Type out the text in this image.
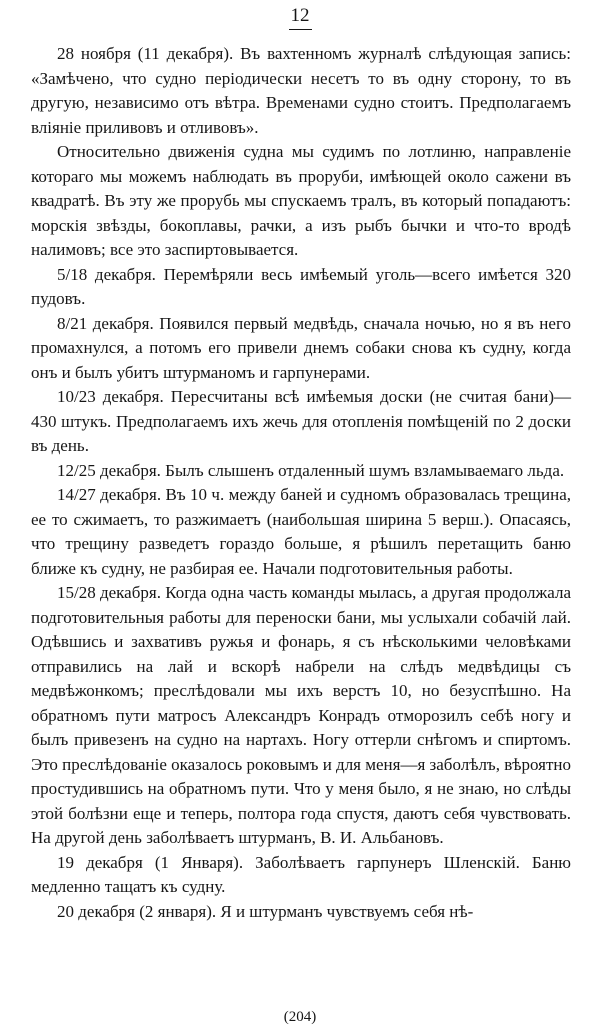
12

28 ноября (11 декабря). Въ вахтенномъ журналѣ слѣдующая запись: «Замѣчено, что судно періодически несетъ то въ одну сторону, то въ другую, независимо отъ вѣтра. Временами судно стоитъ. Предполагаемъ вліяніе приливовъ и отливовъ».

Относительно движенія судна мы судимъ по лотлиню, направленіе котораго мы можемъ наблюдать въ проруби, имѣющей около сажени въ квадратѣ. Въ эту же прорубь мы спускаемъ тралъ, въ который попадаютъ: морскія звѣзды, бокоплавы, рачки, а изъ рыбъ бычки и что-то вродѣ налимовъ; все это заспиртовывается.

5/18 декабря. Перемѣряли весь имѣемый уголь—всего имѣется 320 пудовъ.

8/21 декабря. Появился первый медвѣдь, сначала ночью, но я въ него промахнулся, а потомъ его привели днемъ собаки снова къ судну, когда онъ и былъ убитъ штурманомъ и гарпунерами.

10/23 декабря. Пересчитаны всѣ имѣемыя доски (не считая бани)—430 штукъ. Предполагаемъ ихъ жечь для отопленія помѣщеній по 2 доски въ день.

12/25 декабря. Былъ слышенъ отдаленный шумъ взламываемаго льда.

14/27 декабря. Въ 10 ч. между баней и судномъ образовалась трещина, ее то сжимаетъ, то разжимаетъ (наибольшая ширина 5 верш.). Опасаясь, что трещину разведетъ гораздо больше, я рѣшилъ перетащить баню ближе къ судну, не разбирая ее. Начали подготовительныя работы.

15/28 декабря. Когда одна часть команды мылась, а другая продолжала подготовительныя работы для переноски бани, мы услыхали собачій лай. Одѣвшись и захвативъ ружья и фонарь, я съ нѣсколькими человѣками отправились на лай и вскорѣ набрели на слѣдъ медвѣдицы съ медвѣжонкомъ; преслѣдовали мы ихъ верстъ 10, но безуспѣшно. На обратномъ пути матросъ Александръ Конрадъ отморозилъ себѣ ногу и былъ привезенъ на судно на нартахъ. Ногу оттерли снѣгомъ и спиртомъ. Это преслѣдованіе оказалось роковымъ и для меня—я заболѣлъ, вѣроятно простудившись на обратномъ пути. Что у меня было, я не знаю, но слѣды этой болѣзни еще и теперь, полтора года спустя, даютъ себя чувствовать. На другой день заболѣваетъ штурманъ, В. И. Альбановъ.

19 декабря (1 Января). Заболѣваетъ гарпунеръ Шленскій. Баню медленно тащатъ къ судну.

20 декабря (2 января). Я и штурманъ чувствуемъ себя нѣ-

(204)
